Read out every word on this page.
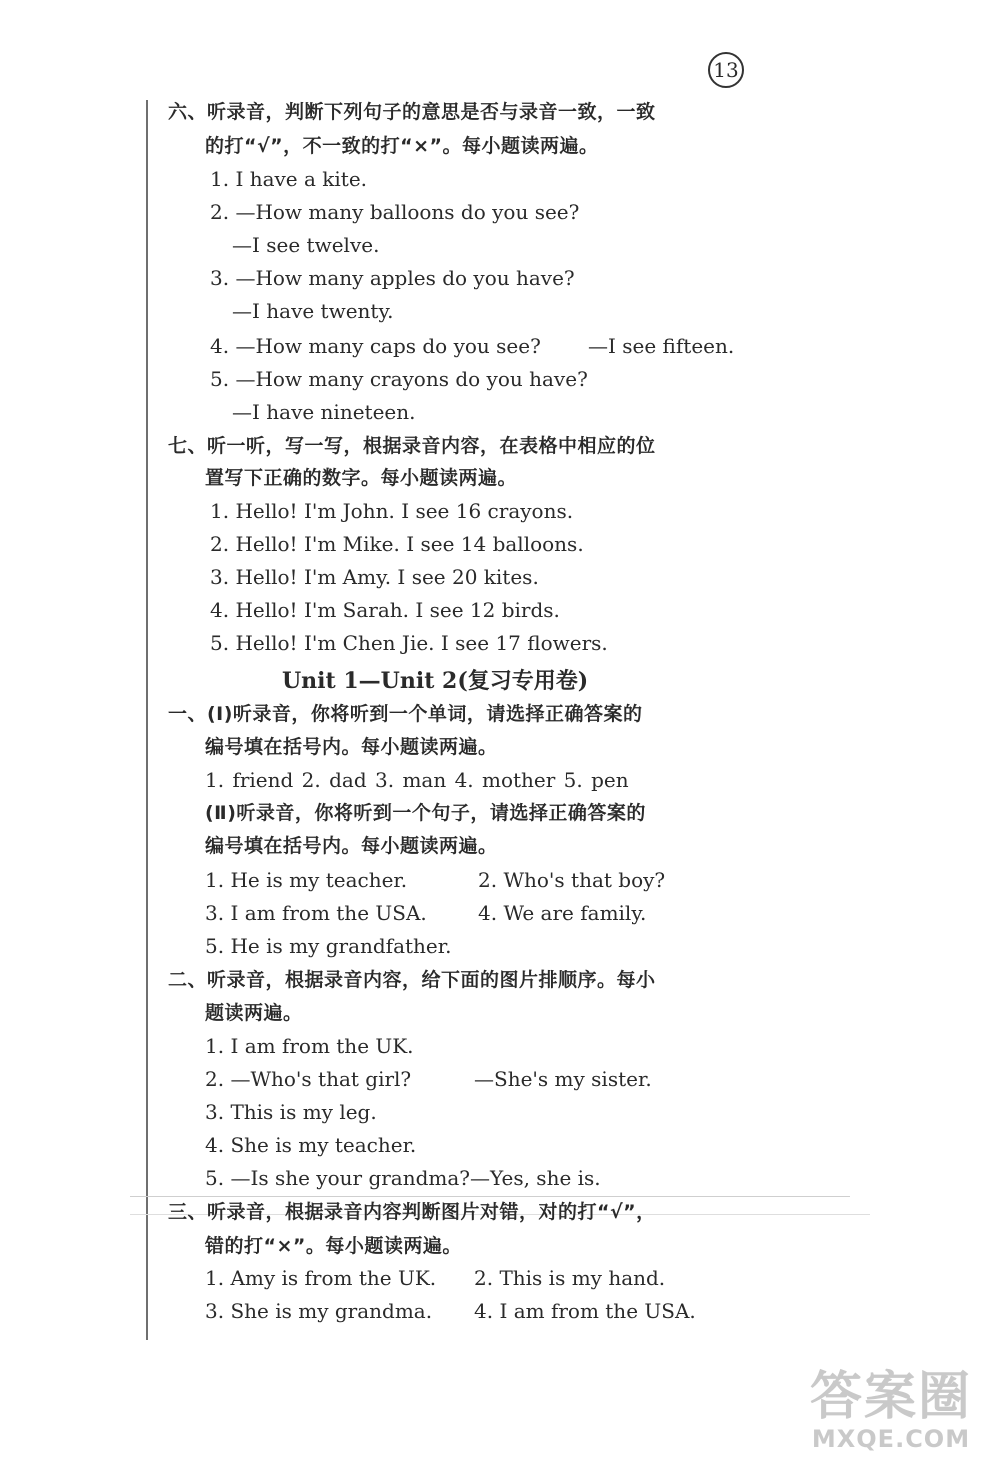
13
六、听录音，判断下列句子的意思是否与录音一致，一致
的打“√”，不一致的打“×”。每小题读两遍。
1. I have a kite.
2. —How many balloons do you see?
—I see twelve.
3. —How many apples do you have?
—I have twenty.
4. —How many caps do you see? —I see fifteen.
5. —How many crayons do you have?
—I have nineteen.
七、听一听，写一写，根据录音内容，在表格中相应的位
置写下正确的数字。每小题读两遍。
1. Hello! I'm John. I see 16 crayons.
2. Hello! I'm Mike. I see 14 balloons.
3. Hello! I'm Amy. I see 20 kites.
4. Hello! I'm Sarah. I see 12 birds.
5. Hello! I'm Chen Jie. I see 17 flowers.
Unit 1—Unit 2(复习专用卷)
一、(Ⅰ)听录音，你将听到一个单词，请选择正确答案的
编号填在括号内。每小题读两遍。
1. friend 2. dad 3. man 4. mother 5. pen
(Ⅱ)听录音，你将听到一个句子，请选择正确答案的
编号填在括号内。每小题读两遍。
1. He is my teacher.	2. Who's that boy?
3. I am from the USA.	4. We are family.
5. He is my grandfather.
二、听录音，根据录音内容，给下面的图片排顺序。每小
题读两遍。
1. I am from the UK.
2. —Who's that girl?	—She's my sister.
3. This is my leg.
4. She is my teacher.
5. —Is she your grandma?—Yes, she is.
三、听录音，根据录音内容判断图片对错，对的打“√”，
错的打“×”。每小题读两遍。
1. Amy is from the UK. 2. This is my hand.
3. She is my grandma. 4. I am from the USA.
答案圈
MXQE.COM
